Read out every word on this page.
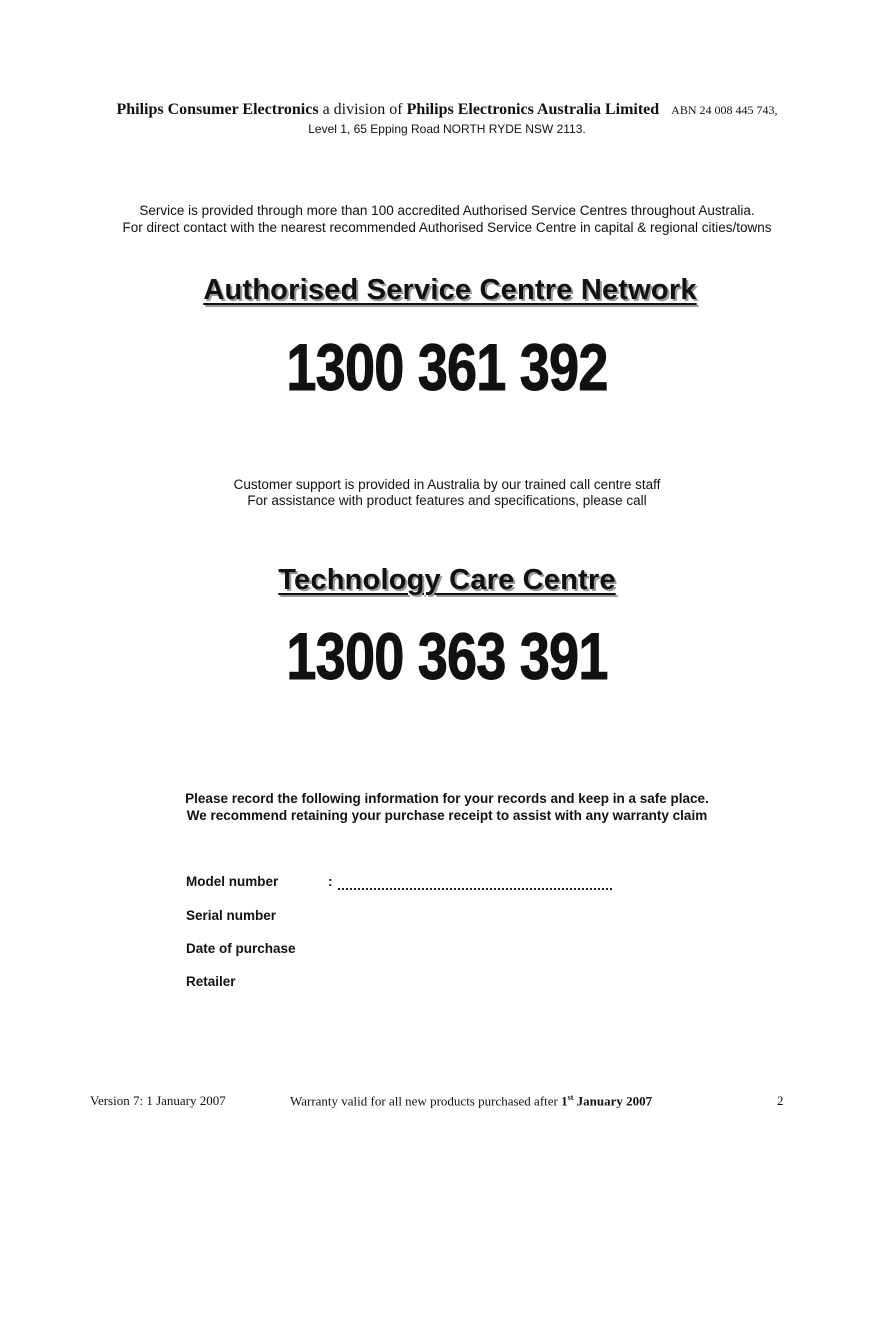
Philips Consumer Electronics a division of Philips Electronics Australia Limited ABN 24 008 445 743,
Level 1, 65 Epping Road NORTH RYDE NSW 2113.
Service is provided through more than 100 accredited Authorised Service Centres throughout Australia.
For direct contact with the nearest recommended Authorised Service Centre in capital & regional cities/towns
Authorised Service Centre Network
1300 361 392
Customer support is provided in Australia by our trained call centre staff
For assistance with product features and specifications, please call
Technology Care Centre
1300 363 391
Please record the following information for your records and keep in a safe place.
We recommend retaining your purchase receipt to assist with any warranty claim
Model number	:
Serial number
Date of purchase
Retailer
Version 7: 1 January 2007	Warranty valid for all new products purchased after 1st January 2007	2
